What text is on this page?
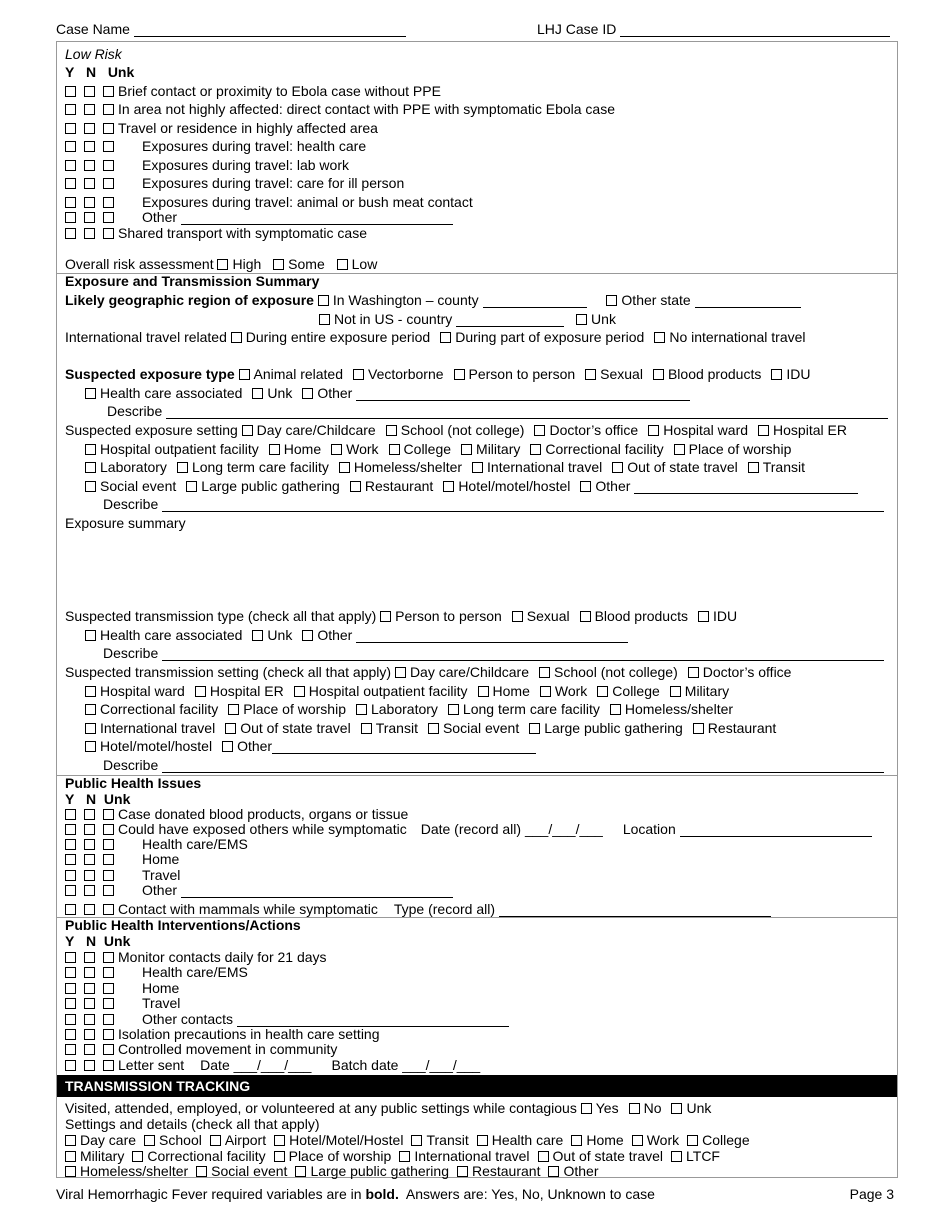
Case Name	LHJ Case ID
Low Risk
Y N Unk
Brief contact or proximity to Ebola case without PPE
In area not highly affected: direct contact with PPE with symptomatic Ebola case
Travel or residence in highly affected area
Exposures during travel: health care
Exposures during travel: lab work
Exposures during travel: care for ill person
Exposures during travel: animal or bush meat contact
Other
Shared transport with symptomatic case
Overall risk assessment High Some Low
Exposure and Transmission Summary
Likely geographic region of exposure In Washington – county	Other state
Not in US - country	Unk
International travel related During entire exposure period During part of exposure period No international travel
Suspected exposure type Animal related Vectorborne Person to person Sexual Blood products IDU
Health care associated Unk Other
Describe
Suspected exposure setting Day care/Childcare School (not college) Doctor’s office Hospital ward Hospital ER
Hospital outpatient facility Home Work College Military Correctional facility Place of worship
Laboratory Long term care facility Homeless/shelter International travel Out of state travel Transit
Social event Large public gathering Restaurant Hotel/motel/hostel Other
Describe
Exposure summary
Suspected transmission type (check all that apply) Person to person Sexual Blood products IDU
Health care associated Unk Other
Describe
Suspected transmission setting (check all that apply) Day care/Childcare School (not college) Doctor’s office
Hospital ward Hospital ER Hospital outpatient facility Home Work College Military
Correctional facility Place of worship Laboratory Long term care facility Homeless/shelter
International travel Out of state travel Transit Social event Large public gathering Restaurant
Hotel/motel/hostel Other
Describe
Public Health Issues
Y N Unk
Case donated blood products, organs or tissue
Could have exposed others while symptomatic Date (record all) ___/___/___ Location
Health care/EMS
Home
Travel
Other
Contact with mammals while symptomatic Type (record all)
Public Health Interventions/Actions
Y N Unk
Monitor contacts daily for 21 days
Health care/EMS
Home
Travel
Other contacts
Isolation precautions in health care setting
Controlled movement in community
Letter sent Date ___/___/___ Batch date ___/___/___
TRANSMISSION TRACKING
Visited, attended, employed, or volunteered at any public settings while contagious Yes No Unk
Settings and details (check all that apply)
Day care School Airport Hotel/Motel/Hostel Transit Health care Home Work College
Military Correctional facility Place of worship International travel Out of state travel LTCF
Homeless/shelter Social event Large public gathering Restaurant Other
Viral Hemorrhagic Fever required variables are in bold. Answers are: Yes, No, Unknown to case	Page 3
